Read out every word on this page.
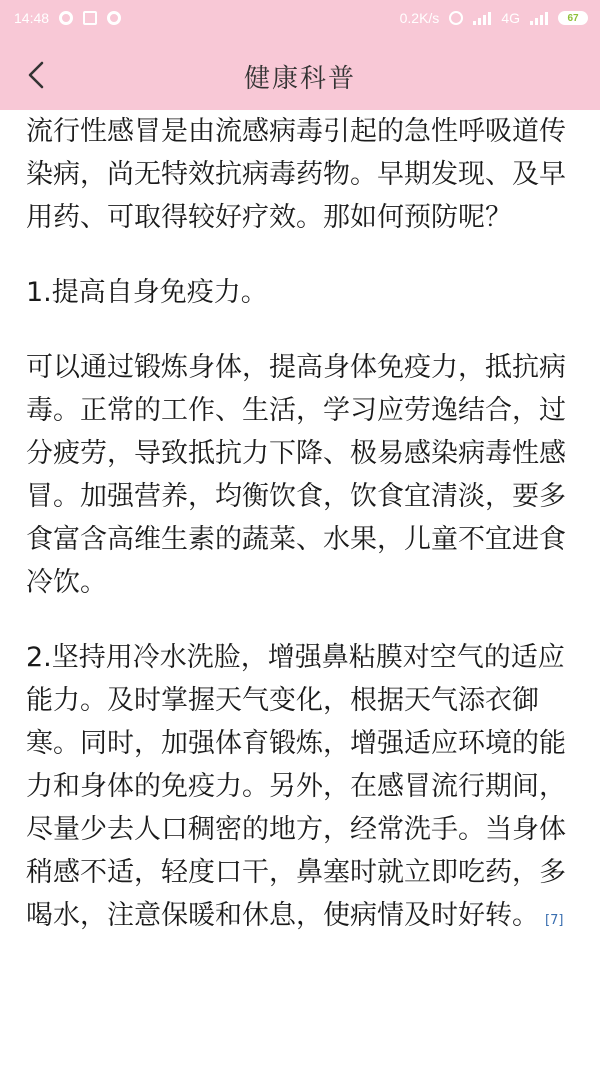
14:48	0.2K/s	4G	67
健康科普

流行性感冒是由流感病毒引起的急性呼吸道传染病，尚无特效抗病毒药物。早期发现、及早用药、可取得较好疗效。那如何预防呢？

1.提高自身免疫力。

可以通过锻炼身体，提高身体免疫力，抵抗病毒。正常的工作、生活，学习应劳逸结合，过分疲劳，导致抵抗力下降、极易感染病毒性感冒。加强营养，均衡饮食，饮食宜清淡，要多食富含高维生素的蔬菜、水果，儿童不宜进食冷饮。

2.坚持用冷水洗脸，增强鼻粘膜对空气的适应能力。及时掌握天气变化，根据天气添衣御寒。同时，加强体育锻炼，增强适应环境的能力和身体的免疫力。另外，在感冒流行期间，尽量少去人口稠密的地方，经常洗手。当身体稍感不适，轻度口干，鼻塞时就立即吃药，多喝水，注意保暖和休息，使病情及时好转。 [7]
